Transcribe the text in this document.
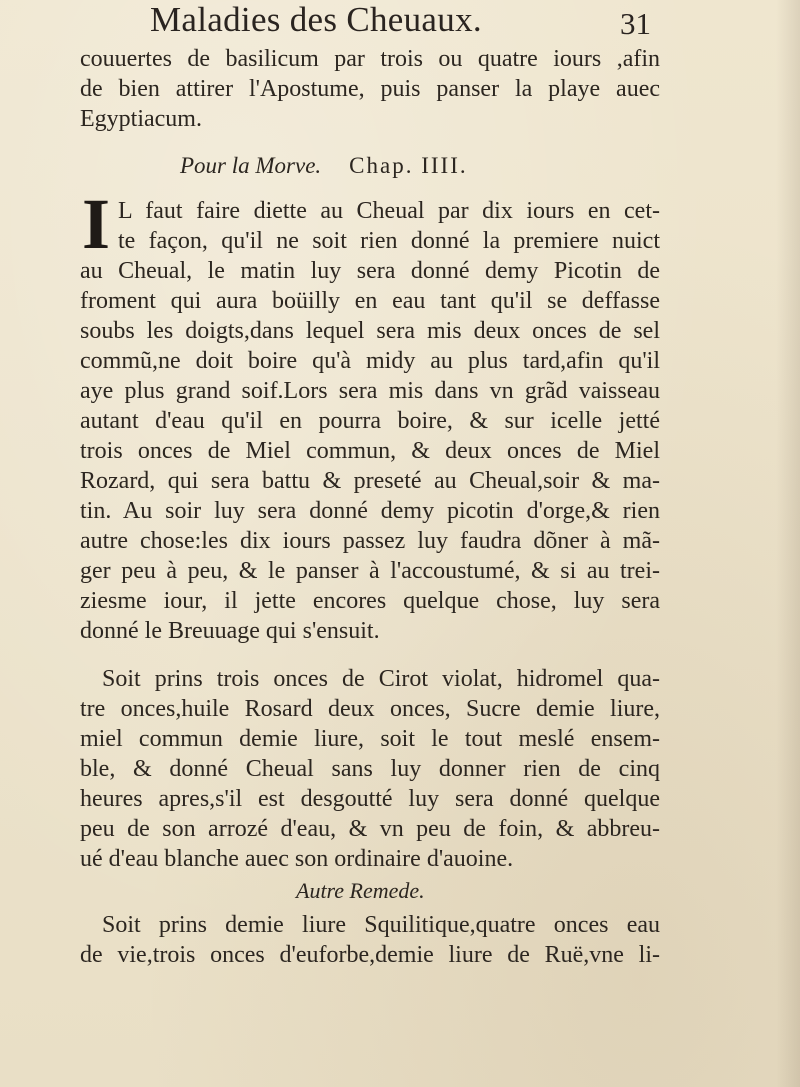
Maladies des Cheuaux.	31
couuertes de basilicum par trois ou quatre iours ,afin
de bien attirer l'Apostume, puis panser la playe auec
Egyptiacum.
Pour la Morve. Chap. IIII.
I L faut faire diette au Cheual par dix iours en cet-
te façon, qu'il ne soit rien donné la premiere nuict
au Cheual, le matin luy sera donné demy Picotin de
froment qui aura boüilly en eau tant qu'il se deffasse
soubs les doigts,dans lequel sera mis deux onces de sel
commũ,ne doit boire qu'à midy au plus tard,afin qu'il
aye plus grand soif.Lors sera mis dans vn grãd vaisseau
autant d'eau qu'il en pourra boire, & sur icelle jetté
trois onces de Miel commun, & deux onces de Miel
Rozard, qui sera battu & preseté au Cheual,soir & ma-
tin. Au soir luy sera donné demy picotin d'orge,& rien
autre chose:les dix iours passez luy faudra dõner à mã-
ger peu à peu, & le panser à l'accoustumé, & si au trei-
ziesme iour, il jette encores quelque chose, luy sera
donné le Breuuage qui s'ensuit.
Soit prins trois onces de Cirot violat, hidromel qua-
tre onces,huile Rosard deux onces, Sucre demie liure,
miel commun demie liure, soit le tout meslé ensem-
ble, & donné Cheual sans luy donner rien de cinq
heures apres,s'il est desgoutté luy sera donné quelque
peu de son arrozé d'eau, & vn peu de foin, & abbreu-
ué d'eau blanche auec son ordinaire d'auoine.
Autre Remede.
Soit prins demie liure Squilitique,quatre onces eau
de vie,trois onces d'euforbe,demie liure de Ruë,vne li-
